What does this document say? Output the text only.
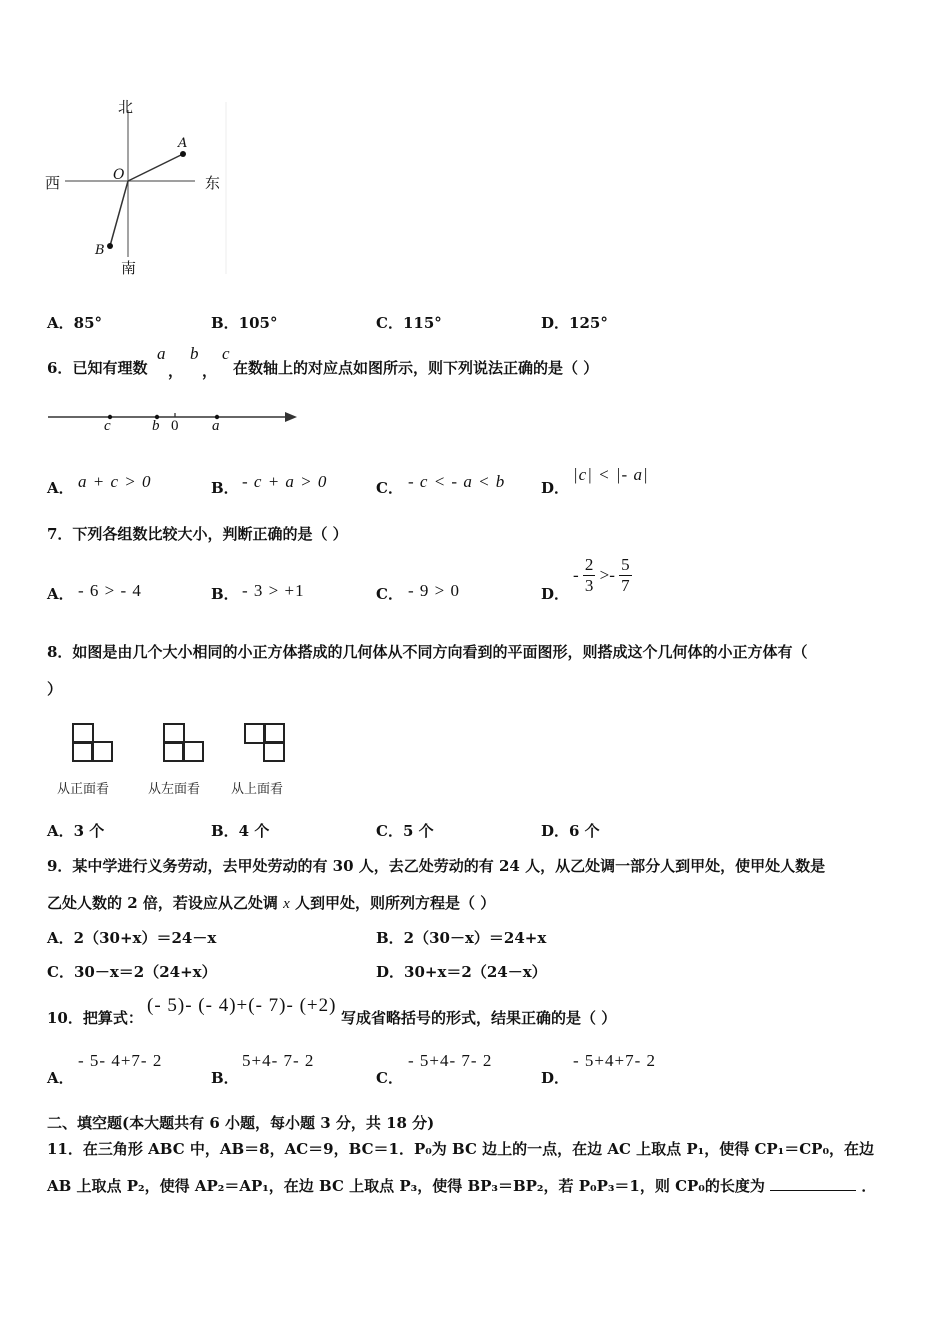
北
南
西	东
O
A
B
A．85°	B．105°	C．115°	D．125°
6．已知有理数
a
，
b
，
c
在数轴上的对应点如图所示，则下列说法正确的是（ ）
c	b 0 a
A． a + c > 0	B． - c + a > 0	C． - c < - a < b D．
|c| < |- a|
7．下列各组数比较大小，判断正确的是（ ）
A． - 6 > - 4	B． - 3 > +1	C． - 9 > 0	D．
- $\frac{2}{3} >- \frac{5}{7}$
8．如图是由几个大小相同的小正方体搭成的几何体从不同方向看到的平面图形，则搭成这个几何体的小正方体有（
）
从正面看	从左面看 从上面看
A．3 个	B．4 个	C．5 个	D．6 个
9．某中学进行义务劳动，去甲处劳动的有 30 人，去乙处劳动的有 24 人，从乙处调一部分人到甲处，使甲处人数是
乙处人数的 2 倍，若设应从乙处调 x 人到甲处，则所列方程是（ ）
A．2（30+x）＝24－x	B．2（30－x）＝24+x
C．30－x＝2（24+x）	D．30+x＝2（24－x）
10．把算式：
(- 5)- (- 4)+(- 7)- (+2)
写成省略括号的形式，结果正确的是（ ）
A．
- 5- 4+7- 2
B．
5+4- 7- 2
C．
- 5+4- 7- 2
D．
- 5+4+7- 2
二、填空题(本大题共有 6 小题，每小题 3 分，共 18 分)
11．在三角形 ABC 中，AB＝8，AC＝9，BC＝1．P₀为 BC 边上的一点，在边 AC 上取点 P₁，使得 CP₁＝CP₀，在边
AB 上取点 P₂，使得 AP₂＝AP₁，在边 BC 上取点 P₃，使得 BP₃＝BP₂，若 P₀P₃＝1，则 CP₀的长度为	．
